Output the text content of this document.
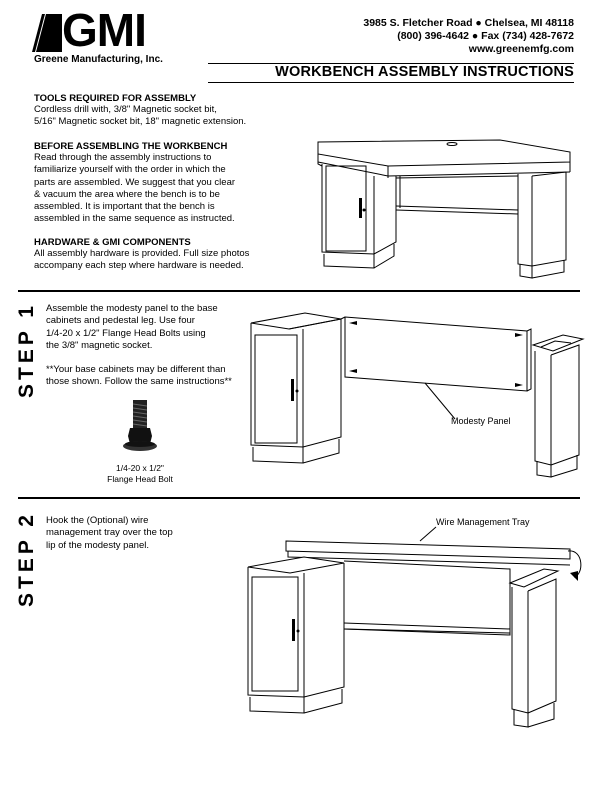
GMI
Greene Manufacturing, Inc.
3985 S. Fletcher Road ● Chelsea, MI 48118
(800) 396-4642 ● Fax (734) 428-7672
www.greenemfg.com
WORKBENCH ASSEMBLY INSTRUCTIONS
TOOLS REQUIRED FOR ASSEMBLY
Cordless drill with, 3/8" Magnetic socket bit,
5/16" Magnetic socket bit, 18" magnetic extension.
BEFORE ASSEMBLING THE WORKBENCH
Read through the assembly instructions to
familiarize yourself with the order in which the
parts are assembled. We suggest that you clear
& vacuum the area where the bench is to be
assembled. It is important that the bench is
assembled in the same sequence as instructed.
HARDWARE & GMI COMPONENTS
All assembly hardware is provided. Full size photos
accompany each step where hardware is needed.
STEP 1 Assemble the modesty panel to the base
cabinets and pedestal leg. Use four
1/4-20 x 1/2" Flange Head Bolts using
the 3/8" magnetic socket.
**Your base cabinets may be different than
those shown. Follow the same instructions**
1/4-20 x 1/2"
Flange Head Bolt
Modesty Panel
STEP 2 Hook the (Optional) wire
management tray over the top
lip of the modesty panel.
Wire Management Tray
